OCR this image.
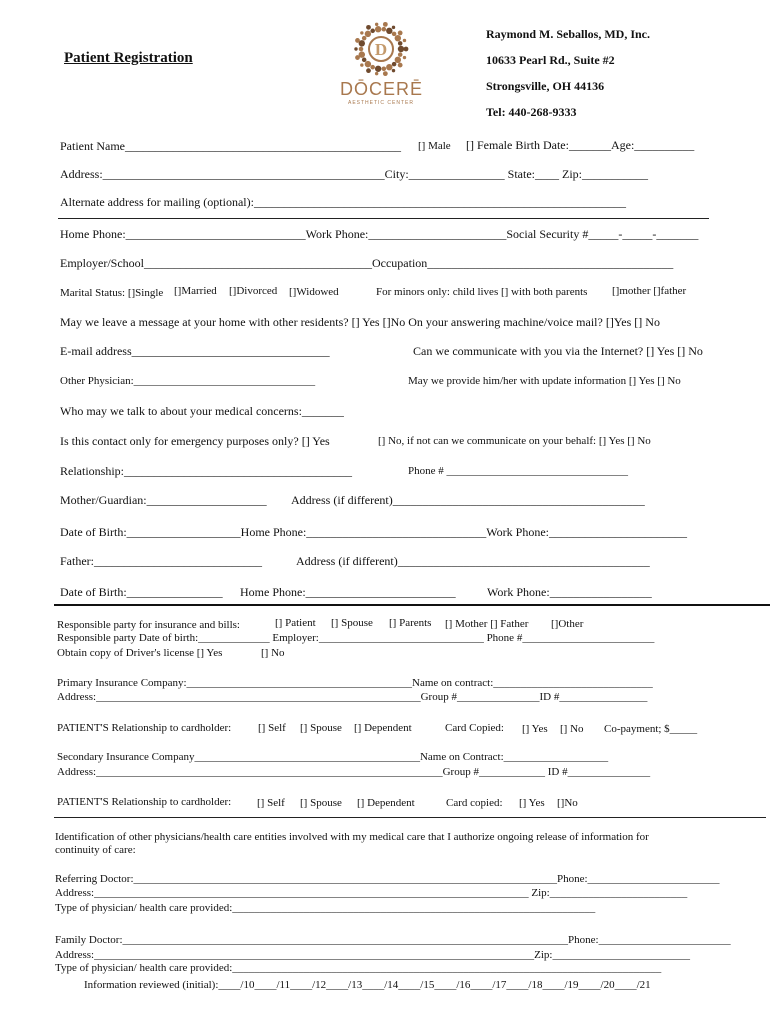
Patient Registration	D
DŌCERĒ
AESTHETIC CENTER
Raymond M. Seballos, MD, Inc.
10633 Pearl Rd., Suite #2
Strongsville, OH 44136
Tel: 440-268-9333
Patient Name______________________________________________ [] Male [] Female Birth Date:_______Age:__________
Address:_______________________________________________City:________________ State:____ Zip:___________
Alternate address for mailing (optional):______________________________________________________________
Home Phone:______________________________Work Phone:_______________________Social Security #_____-_____-_______
Employer/School______________________________________Occupation_________________________________________
Marital Status: []Single []Married []Divorced []Widowed	For minors only: child lives [] with both parents []mother []father
May we leave a message at your home with other residents? [] Yes []No On your answering machine/voice mail? []Yes [] No
E-mail address_________________________________	Can we communicate with you via the Internet? [] Yes [] No
Other Physician:_________________________________	May we provide him/her with update information [] Yes [] No
Who may we talk to about your medical concerns:_______
Is this contact only for emergency purposes only? [] Yes	[] No, if not can we communicate on your behalf: [] Yes [] No
Relationship:______________________________________	Phone # _________________________________
Mother/Guardian:____________________ Address (if different)__________________________________________
Date of Birth:___________________Home Phone:______________________________Work Phone:_______________________
Father:____________________________	Address (if different)__________________________________________
Date of Birth:________________ Home Phone:_________________________	Work Phone:_________________
Responsible party for insurance and bills:	[] Patient [] Spouse [] Parents [] Mother [] Father []Other
Responsible party Date of birth:_____________ Employer:______________________________ Phone #________________________
Obtain copy of Driver's license [] Yes	[] No
Primary Insurance Company:_________________________________________Name on contract:_____________________________
Address:___________________________________________________________Group #_______________ID #________________
PATIENT'S Relationship to cardholder: [] Self [] Spouse [] Dependent	Card Copied: [] Yes [] No Co-payment; $_____
Secondary Insurance Company_________________________________________Name on Contract:___________________
Address:_______________________________________________________________Group #____________ ID #_______________
PATIENT'S Relationship to cardholder: [] Self [] Spouse [] Dependent	Card copied: [] Yes []No
Identification of other physicians/health care entities involved with my medical care that I authorize ongoing release of information for
continuity of care:
Referring Doctor:_____________________________________________________________________________Phone:________________________
Address:_______________________________________________________________________________ Zip:_________________________
Type of physician/ health care provided:__________________________________________________________________
Family Doctor:_________________________________________________________________________________Phone:________________________
Address:________________________________________________________________________________Zip:_________________________
Type of physician/ health care provided:______________________________________________________________________________
Information reviewed (initial):____/10____/11____/12____/13____/14____/15____/16____/17____/18____/19____/20____/21
